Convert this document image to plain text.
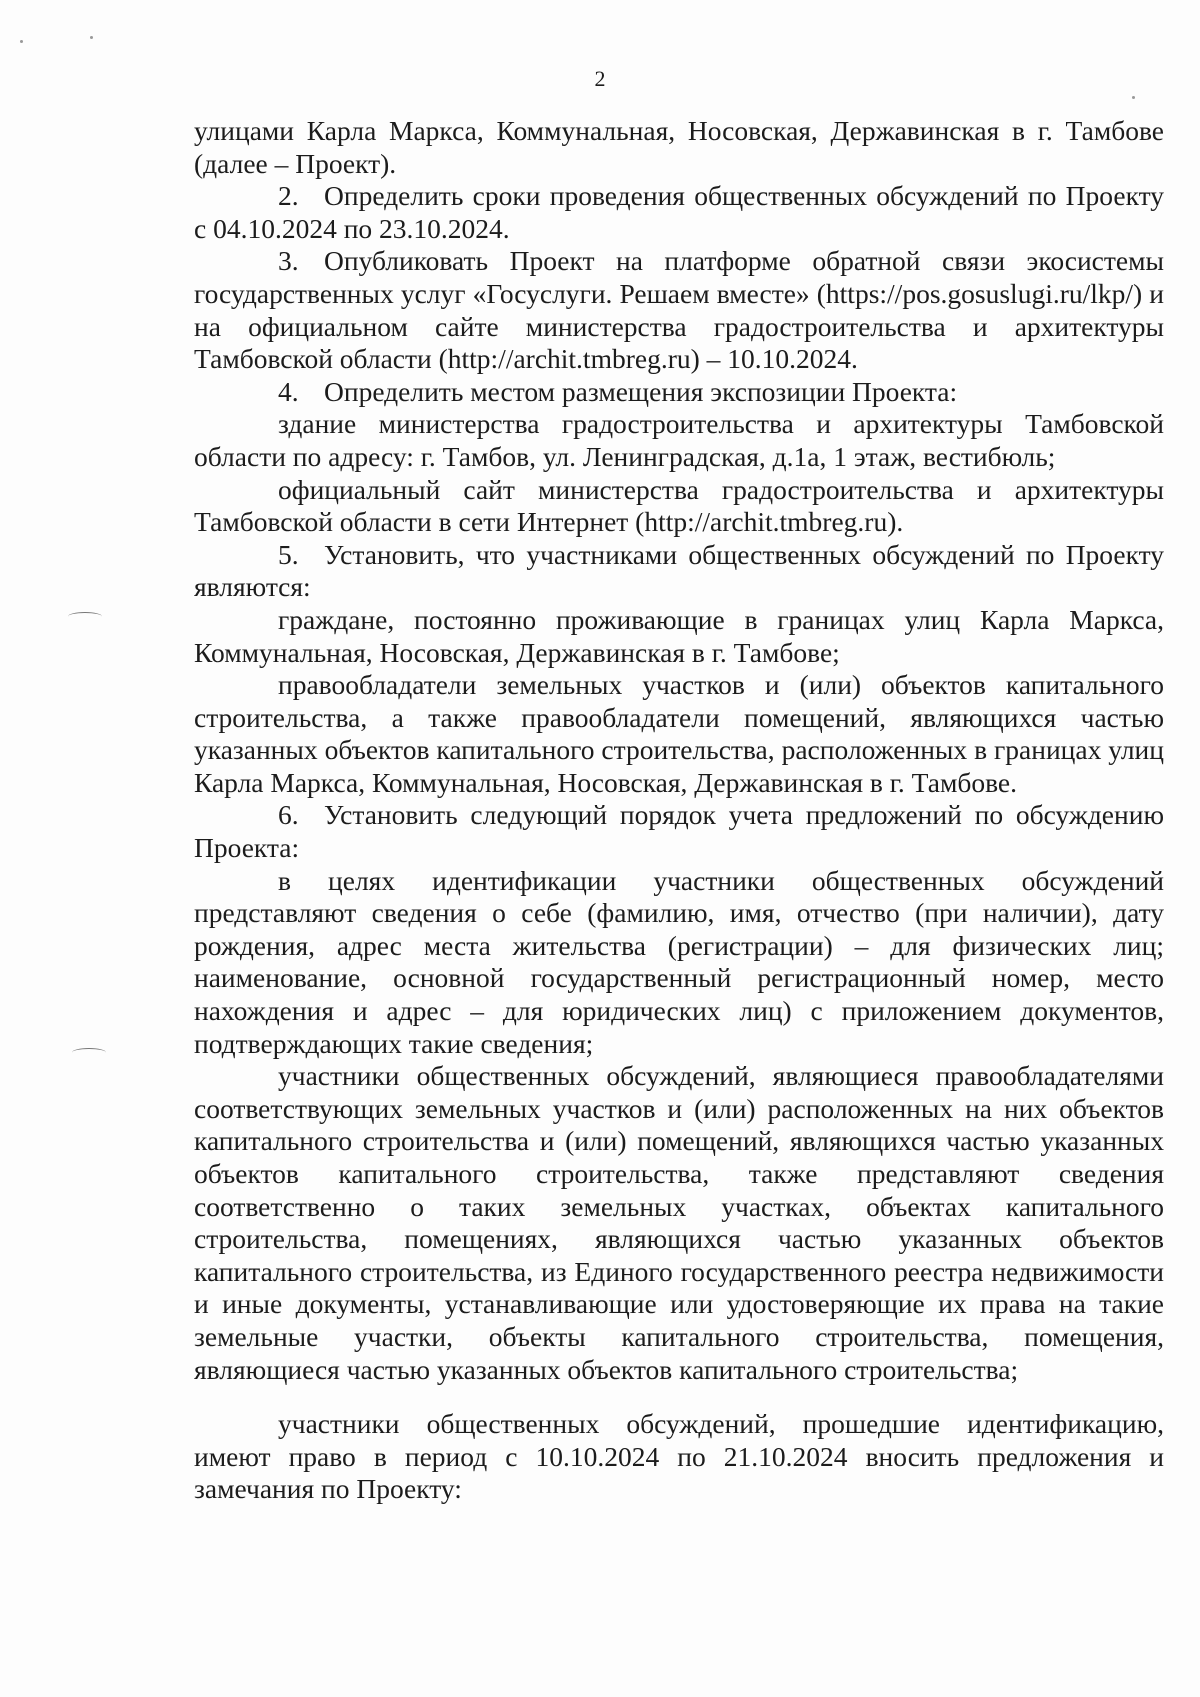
2

улицами Карла Маркса, Коммунальная, Носовская, Державинская в г. Тамбове (далее – Проект).

2. Определить сроки проведения общественных обсуждений по Проекту с 04.10.2024 по 23.10.2024.

3. Опубликовать Проект на платформе обратной связи экосистемы государственных услуг «Госуслуги. Решаем вместе» (https://pos.gosuslugi.ru/lkp/) и на официальном сайте министерства градостроительства и архитектуры Тамбовской области (http://archit.tmbreg.ru) – 10.10.2024.

4. Определить местом размещения экспозиции Проекта:

здание министерства градостроительства и архитектуры Тамбовской области по адресу: г. Тамбов, ул. Ленинградская, д.1а, 1 этаж, вестибюль;

официальный сайт министерства градостроительства и архитектуры Тамбовской области в сети Интернет (http://archit.tmbreg.ru).

5. Установить, что участниками общественных обсуждений по Проекту являются:

граждане, постоянно проживающие в границах улиц Карла Маркса, Коммунальная, Носовская, Державинская в г. Тамбове;

правообладатели земельных участков и (или) объектов капитального строительства, а также правообладатели помещений, являющихся частью указанных объектов капитального строительства, расположенных в границах улиц Карла Маркса, Коммунальная, Носовская, Державинская в г. Тамбове.

6. Установить следующий порядок учета предложений по обсуждению Проекта:

в целях идентификации участники общественных обсуждений представляют сведения о себе (фамилию, имя, отчество (при наличии), дату рождения, адрес места жительства (регистрации) – для физических лиц; наименование, основной государственный регистрационный номер, место нахождения и адрес – для юридических лиц) с приложением документов, подтверждающих такие сведения;

участники общественных обсуждений, являющиеся правообладателями соответствующих земельных участков и (или) расположенных на них объектов капитального строительства и (или) помещений, являющихся частью указанных объектов капитального строительства, также представляют сведения соответственно о таких земельных участках, объектах капитального строительства, помещениях, являющихся частью указанных объектов капитального строительства, из Единого государственного реестра недвижимости и иные документы, устанавливающие или удостоверяющие их права на такие земельные участки, объекты капитального строительства, помещения, являющиеся частью указанных объектов капитального строительства;

участники общественных обсуждений, прошедшие идентификацию, имеют право в период с 10.10.2024 по 21.10.2024 вносить предложения и замечания по Проекту:
